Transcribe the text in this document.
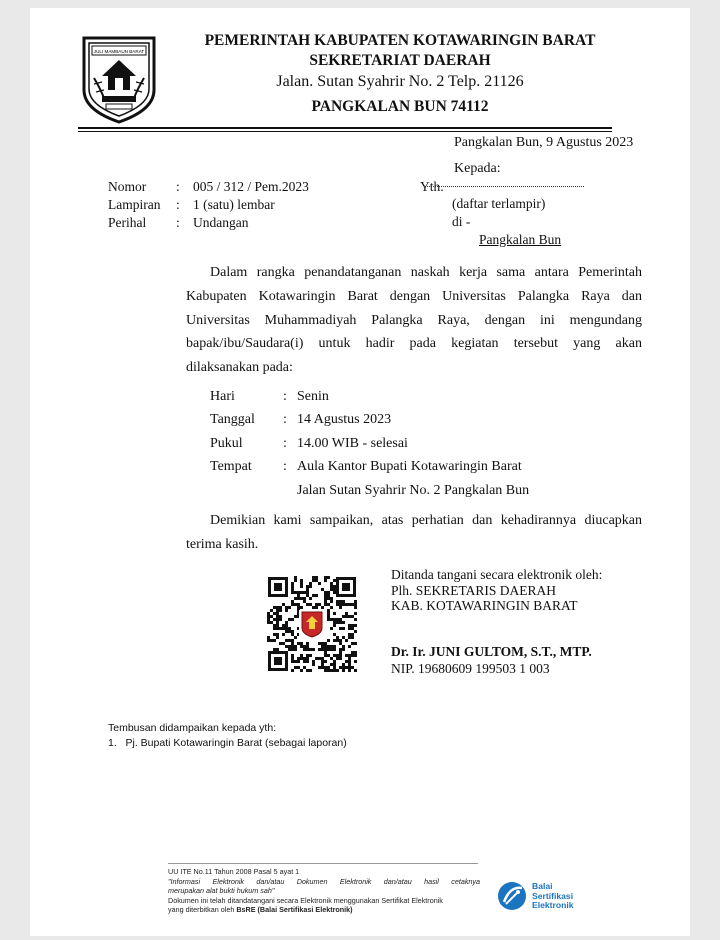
JULI MAMBAUN BARAT
PEMERINTAH KABUPATEN KOTAWARINGIN BARAT
SEKRETARIAT DAERAH
Jalan. Sutan Syahrir No. 2 Telp. 21126
PANGKALAN BUN 74112
Pangkalan Bun, 9 Agustus 2023
Kepada:
Yth.
(daftar terlampir)
di -
Pangkalan Bun
Nomor : 005 / 312 / Pem.2023
Lampiran : 1 (satu) lembar
Perihal : Undangan
Dalam rangka penandatanganan naskah kerja sama antara Pemerintah
Kabupaten Kotawaringin Barat dengan Universitas Palangka Raya dan
Universitas Muhammadiyah Palangka Raya, dengan ini mengundang
bapak/ibu/Saudara(i) untuk hadir pada kegiatan tersebut yang akan
dilaksanakan pada:
Hari	: Senin
Tanggal : 14 Agustus 2023
Pukul	: 14.00 WIB - selesai
Tempat : Aula Kantor Bupati Kotawaringin Barat
Jalan Sutan Syahrir No. 2 Pangkalan Bun
Demikian kami sampaikan, atas perhatian dan kehadirannya diucapkan
terima kasih.
Ditanda tangani secara elektronik oleh:
Plh. SEKRETARIS DAERAH
KAB. KOTAWARINGIN BARAT
Dr. Ir. JUNI GULTOM, S.T., MTP.
NIP. 19680609 199503 1 003
Tembusan didampaikan kepada yth:
1.   Pj. Bupati Kotawaringin Barat (sebagai laporan)
UU ITE No.11 Tahun 2008 Pasal 5 ayat 1
"Informasi Elektronik dan/atau Dokumen Elektronik dan/atau hasil cetaknya
merupakan alat bukti hukum sah"
Dokumen ini telah ditandatangani secara Elektronik menggunakan Sertifikat Elektronik
yang diterbitkan oleh BsRE (Balai Sertifikasi Elektronik)
Balai
Sertifikasi
Elektronik
